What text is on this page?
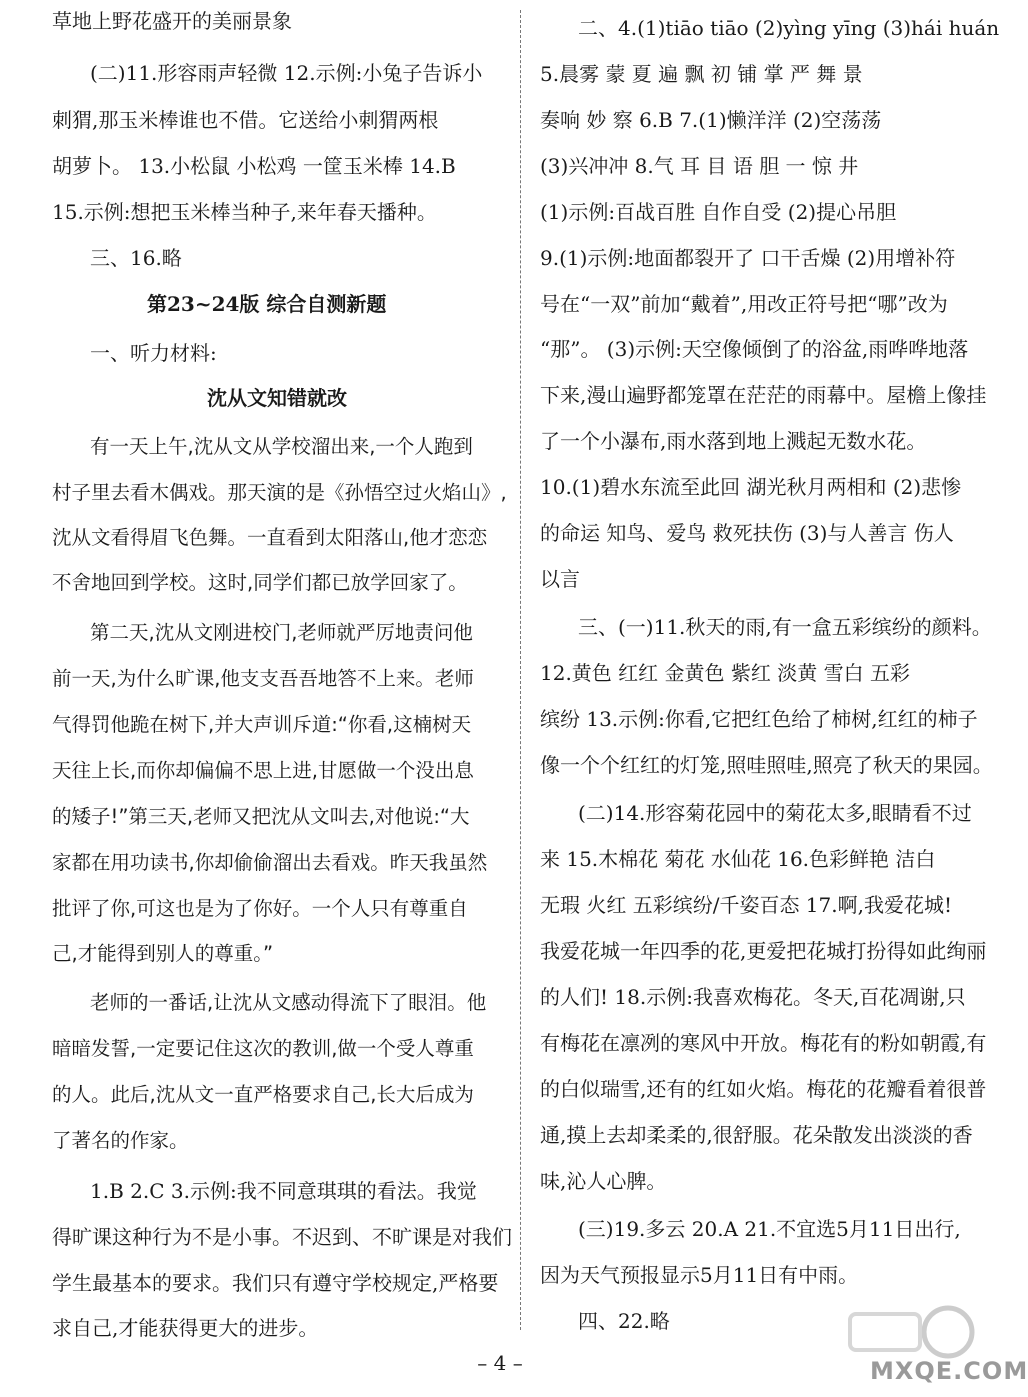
草地上野花盛开的美丽景象
(二)11.形容雨声轻微 12.示例:小兔子告诉小
刺猬,那玉米棒谁也不借。它送给小刺猬两根
胡萝卜。 13.小松鼠 小松鸡 一筐玉米棒 14.B
15.示例:想把玉米棒当种子,来年春天播种。
三、16.略
第23~24版 综合自测新题
一、听力材料:
沈从文知错就改
有一天上午,沈从文从学校溜出来,一个人跑到
村子里去看木偶戏。那天演的是《孙悟空过火焰山》,
沈从文看得眉飞色舞。一直看到太阳落山,他才恋恋
不舍地回到学校。这时,同学们都已放学回家了。
第二天,沈从文刚进校门,老师就严厉地责问他
前一天,为什么旷课,他支支吾吾地答不上来。老师
气得罚他跪在树下,并大声训斥道:“你看,这楠树天
天往上长,而你却偏偏不思上进,甘愿做一个没出息
的矮子!”第三天,老师又把沈从文叫去,对他说:“大
家都在用功读书,你却偷偷溜出去看戏。昨天我虽然
批评了你,可这也是为了你好。一个人只有尊重自
己,才能得到别人的尊重。”
老师的一番话,让沈从文感动得流下了眼泪。他
暗暗发誓,一定要记住这次的教训,做一个受人尊重
的人。此后,沈从文一直严格要求自己,长大后成为
了著名的作家。
1.B 2.C 3.示例:我不同意琪琪的看法。我觉
得旷课这种行为不是小事。不迟到、不旷课是对我们
学生最基本的要求。我们只有遵守学校规定,严格要
求自己,才能获得更大的进步。
二、4.(1)tiāo tiāo (2)yìng yīng (3)hái huán
5.晨雾 蒙 夏 遍 飘 初 铺 掌 严 舞 景
奏响 妙 察 6.B 7.(1)懒洋洋 (2)空荡荡
(3)兴冲冲 8.气 耳 目 语 胆 一 惊 井
(1)示例:百战百胜 自作自受 (2)提心吊胆
9.(1)示例:地面都裂开了 口干舌燥 (2)用增补符
号在“一双”前加“戴着”,用改正符号把“哪”改为
“那”。 (3)示例:天空像倾倒了的浴盆,雨哗哗地落
下来,漫山遍野都笼罩在茫茫的雨幕中。屋檐上像挂
了一个小瀑布,雨水落到地上溅起无数水花。
10.(1)碧水东流至此回 湖光秋月两相和 (2)悲惨
的命运 知鸟、爱鸟 救死扶伤 (3)与人善言 伤人
以言
三、(一)11.秋天的雨,有一盒五彩缤纷的颜料。
12.黄色 红红 金黄色 紫红 淡黄 雪白 五彩
缤纷 13.示例:你看,它把红色给了柿树,红红的柿子
像一个个红红的灯笼,照哇照哇,照亮了秋天的果园。
(二)14.形容菊花园中的菊花太多,眼睛看不过
来 15.木棉花 菊花 水仙花 16.色彩鲜艳 洁白
无瑕 火红 五彩缤纷/千姿百态 17.啊,我爱花城!
我爱花城一年四季的花,更爱把花城打扮得如此绚丽
的人们! 18.示例:我喜欢梅花。冬天,百花凋谢,只
有梅花在凛冽的寒风中开放。梅花有的粉如朝霞,有
的白似瑞雪,还有的红如火焰。梅花的花瓣看着很普
通,摸上去却柔柔的,很舒服。花朵散发出淡淡的香
味,沁人心脾。
(三)19.多云 20.A 21.不宜选5月11日出行,
因为天气预报显示5月11日有中雨。
四、22.略
– 4 –	MXQE.COM
